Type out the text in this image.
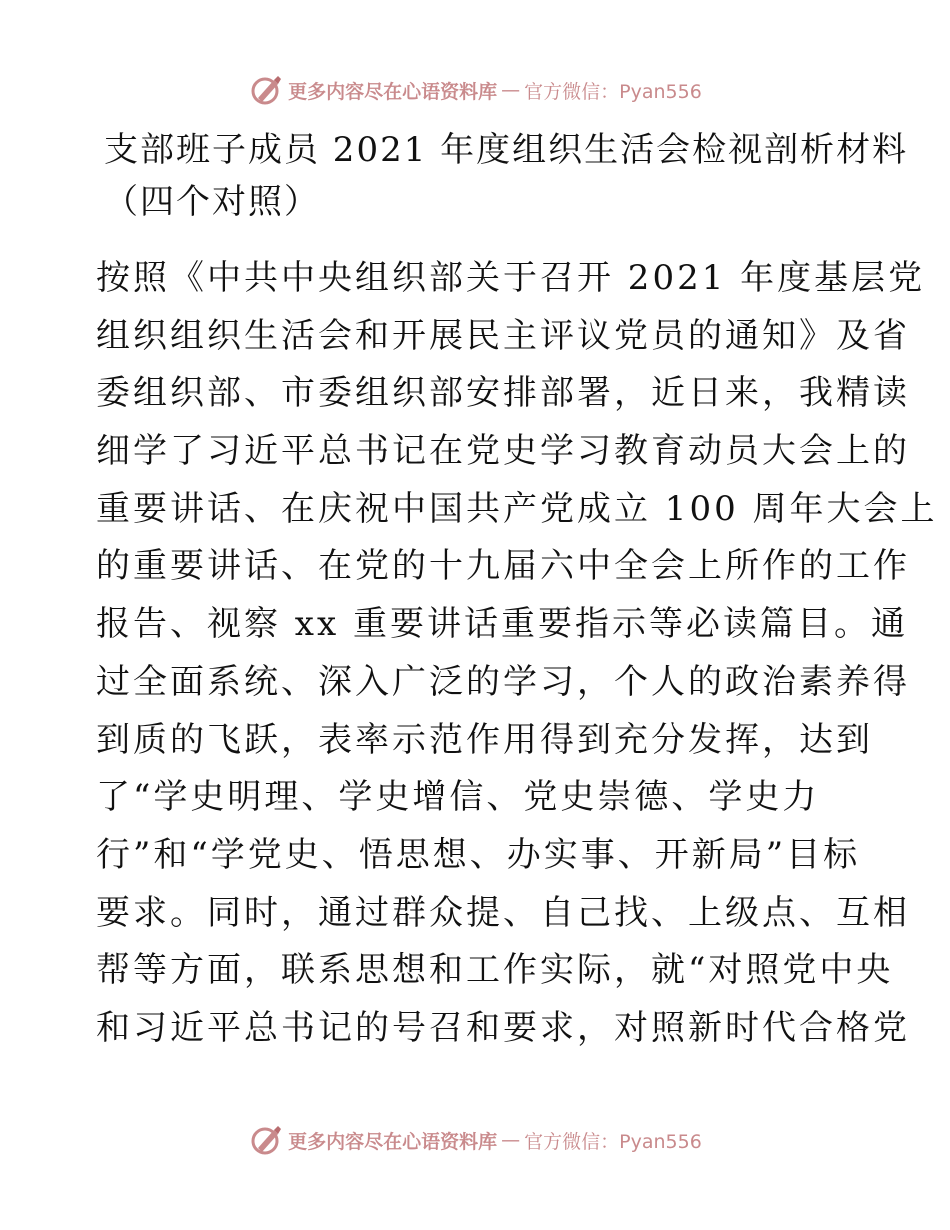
更多内容尽在心语资料库 — 官方微信：Pyan556
支部班子成员 2021 年度组织生活会检视剖析材料
（四个对照）
按照《中共中央组织部关于召开 2021 年度基层党
组织组织生活会和开展民主评议党员的通知》及省
委组织部、市委组织部安排部署，近日来，我精读
细学了习近平总书记在党史学习教育动员大会上的
重要讲话、在庆祝中国共产党成立 100 周年大会上
的重要讲话、在党的十九届六中全会上所作的工作
报告、视察 xx 重要讲话重要指示等必读篇目。通
过全面系统、深入广泛的学习，个人的政治素养得
到质的飞跃，表率示范作用得到充分发挥，达到
了“学史明理、学史增信、党史崇德、学史力
行”和“学党史、悟思想、办实事、开新局”目标
要求。同时，通过群众提、自己找、上级点、互相
帮等方面，联系思想和工作实际，就“对照党中央
和习近平总书记的号召和要求，对照新时代合格党
更多内容尽在心语资料库 — 官方微信：Pyan556
